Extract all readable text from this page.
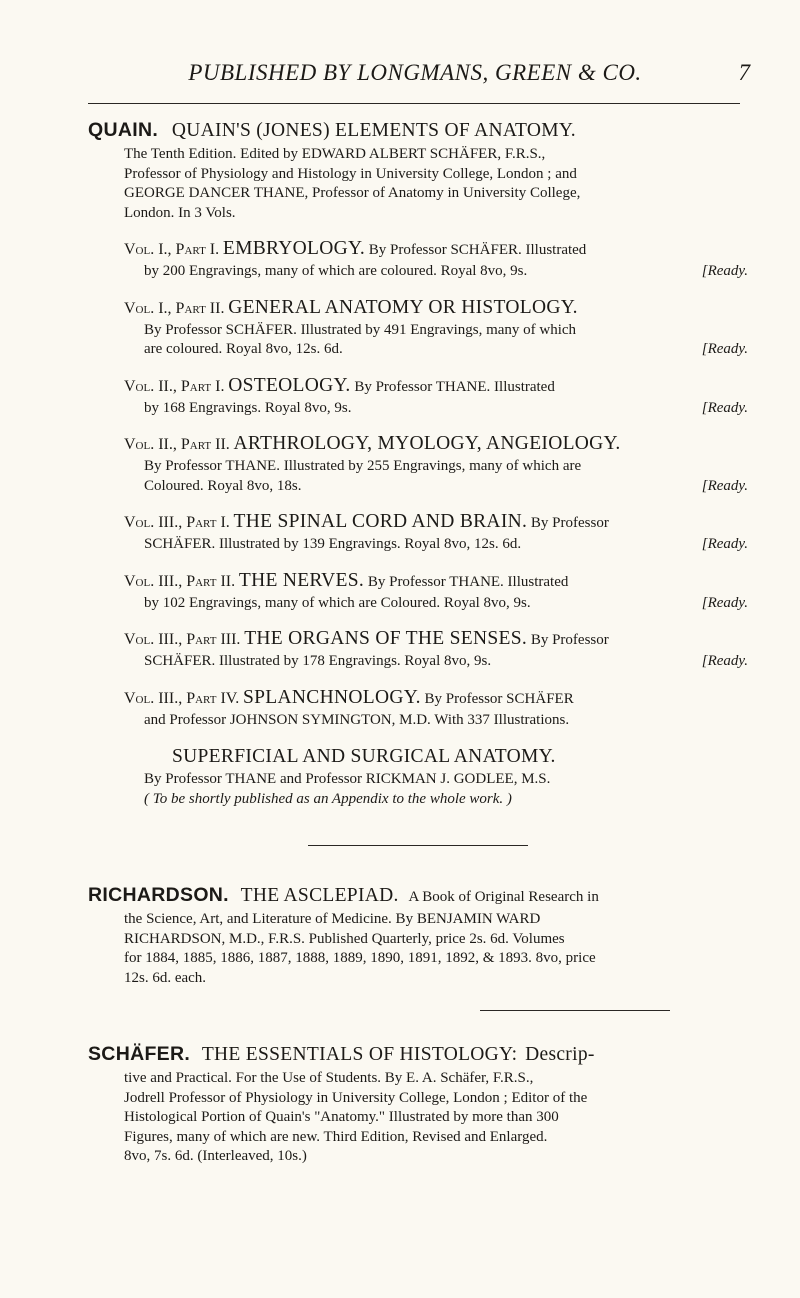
PUBLISHED BY LONGMANS, GREEN & CO.	7
QUAIN. QUAIN'S (JONES) ELEMENTS OF ANATOMY.
The Tenth Edition. Edited by EDWARD ALBERT SCHÄFER, F.R.S.,
Professor of Physiology and Histology in University College, London ; and
GEORGE DANCER THANE, Professor of Anatomy in University College,
London. In 3 Vols.
Vol. I., Part I. EMBRYOLOGY. By Professor SCHÄFER. Illustrated
by 200 Engravings, many of which are coloured. Royal 8vo, 9s.	[Ready.
Vol. I., Part II. GENERAL ANATOMY OR HISTOLOGY.
By Professor SCHÄFER. Illustrated by 491 Engravings, many of which
are coloured. Royal 8vo, 12s. 6d.	[Ready.
Vol. II., Part I. OSTEOLOGY. By Professor THANE. Illustrated
by 168 Engravings. Royal 8vo, 9s.	[Ready.
Vol. II., Part II. ARTHROLOGY, MYOLOGY, ANGEIOLOGY.
By Professor THANE. Illustrated by 255 Engravings, many of which are
Coloured. Royal 8vo, 18s.	[Ready.
Vol. III., Part I. THE SPINAL CORD AND BRAIN. By Professor
SCHÄFER. Illustrated by 139 Engravings. Royal 8vo, 12s. 6d.	[Ready.
Vol. III., Part II. THE NERVES. By Professor THANE. Illustrated
by 102 Engravings, many of which are Coloured. Royal 8vo, 9s.	[Ready.
Vol. III., Part III. THE ORGANS OF THE SENSES. By Professor
SCHÄFER. Illustrated by 178 Engravings. Royal 8vo, 9s.	[Ready.
Vol. III., Part IV. SPLANCHNOLOGY. By Professor SCHÄFER
and Professor JOHNSON SYMINGTON, M.D. With 337 Illustrations.
SUPERFICIAL AND SURGICAL ANATOMY.
By Professor THANE and Professor RICKMAN J. GODLEE, M.S.
( To be shortly published as an Appendix to the whole work. )
RICHARDSON. THE ASCLEPIAD. A Book of Original Research in
the Science, Art, and Literature of Medicine. By BENJAMIN WARD
RICHARDSON, M.D., F.R.S. Published Quarterly, price 2s. 6d. Volumes
for 1884, 1885, 1886, 1887, 1888, 1889, 1890, 1891, 1892, & 1893. 8vo, price
12s. 6d. each.
SCHÄFER. THE ESSENTIALS OF HISTOLOGY: Descrip-
tive and Practical. For the Use of Students. By E. A. Schäfer, F.R.S.,
Jodrell Professor of Physiology in University College, London ; Editor of the
Histological Portion of Quain's "Anatomy." Illustrated by more than 300
Figures, many of which are new. Third Edition, Revised and Enlarged.
8vo, 7s. 6d. (Interleaved, 10s.)
